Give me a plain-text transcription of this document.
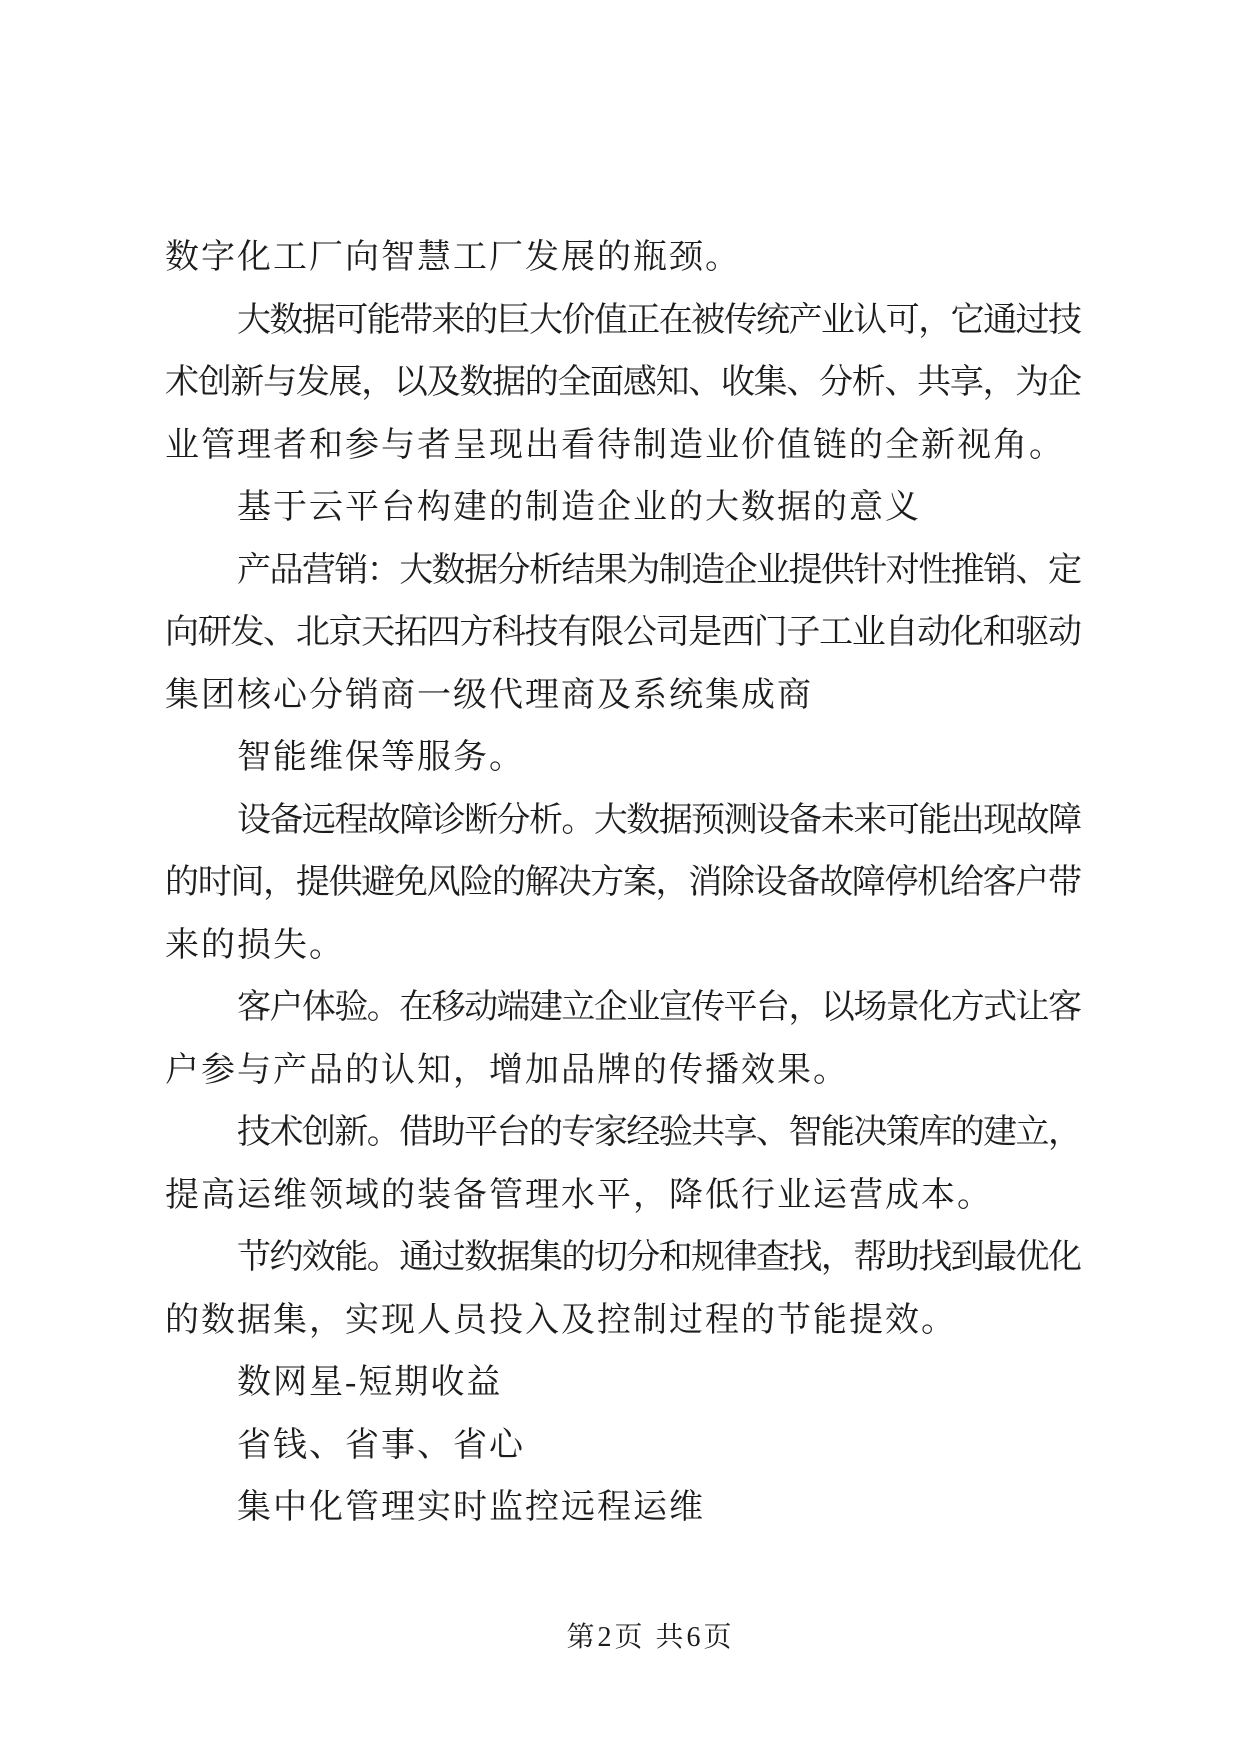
数字化工厂向智慧工厂发展的瓶颈。
大数据可能带来的巨大价值正在被传统产业认可，它通过技
术创新与发展，以及数据的全面感知、收集、分析、共享，为企
业管理者和参与者呈现出看待制造业价值链的全新视角。
基于云平台构建的制造企业的大数据的意义
产品营销：大数据分析结果为制造企业提供针对性推销、定
向研发、北京天拓四方科技有限公司是西门子工业自动化和驱动
集团核心分销商一级代理商及系统集成商
智能维保等服务。
设备远程故障诊断分析。大数据预测设备未来可能出现故障
的时间，提供避免风险的解决方案，消除设备故障停机给客户带
来的损失。
客户体验。在移动端建立企业宣传平台，以场景化方式让客
户参与产品的认知，增加品牌的传播效果。
技术创新。借助平台的专家经验共享、智能决策库的建立，
提高运维领域的装备管理水平，降低行业运营成本。
节约效能。通过数据集的切分和规律查找，帮助找到最优化
的数据集，实现人员投入及控制过程的节能提效。
数网星-短期收益
省钱、省事、省心
集中化管理实时监控远程运维
第2页 共6页
